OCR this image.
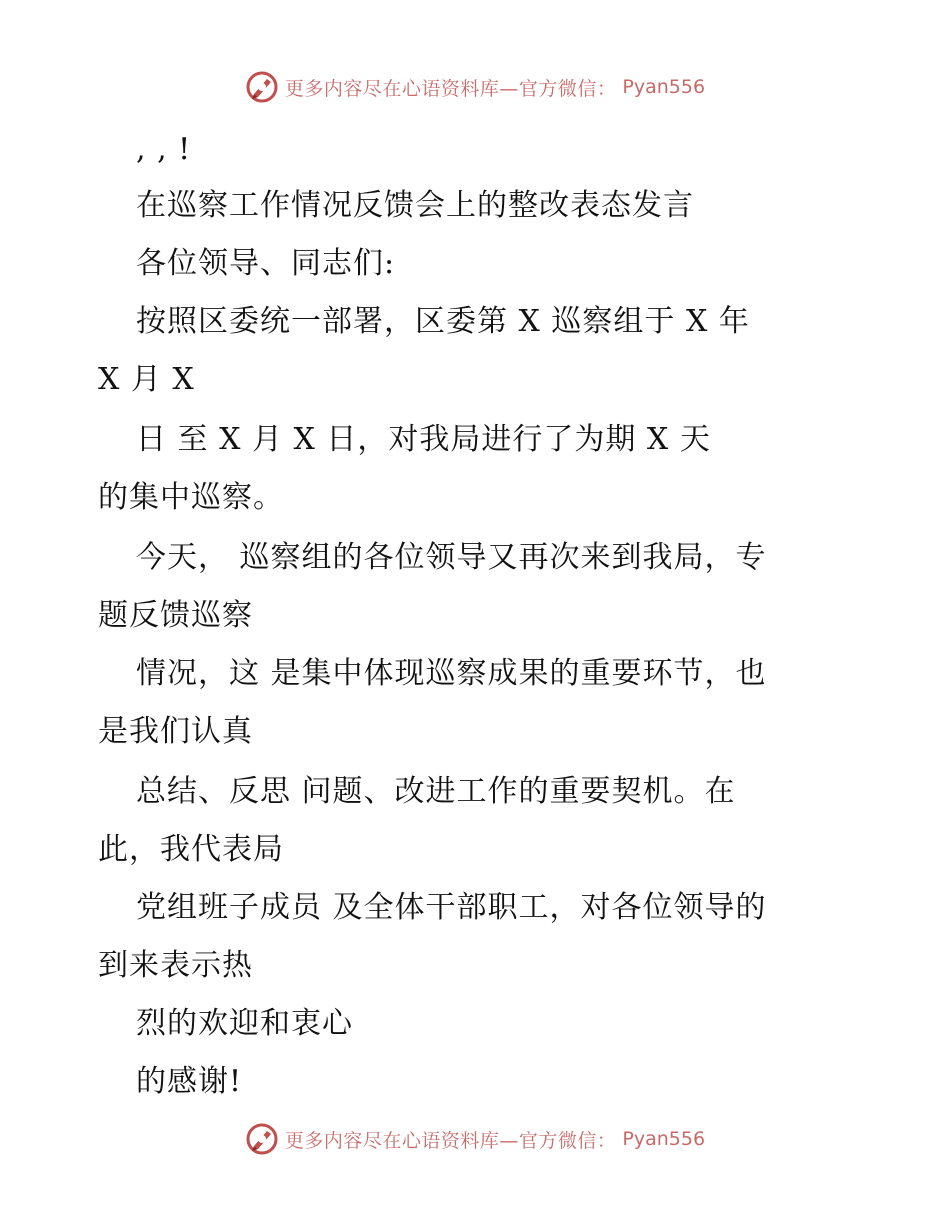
更多内容尽在心语资料库—官方微信： Pyan556
, , !
在巡察工作情况反馈会上的整改表态发言
各位领导、同志们:
按照区委统一部署，区委第 X 巡察组于 X 年
X 月 X
日 至 X 月 X 日，对我局进行了为期 X 天
的集中巡察。
今天， 巡察组的各位领导又再次来到我局，专
题反馈巡察
情况，这 是集中体现巡察成果的重要环节，也
是我们认真
总结、反思 问题、改进工作的重要契机。在
此，我代表局
党组班子成员 及全体干部职工，对各位领导的
到来表示热
烈的欢迎和衷心
的感谢!
更多内容尽在心语资料库—官方微信： Pyan556
